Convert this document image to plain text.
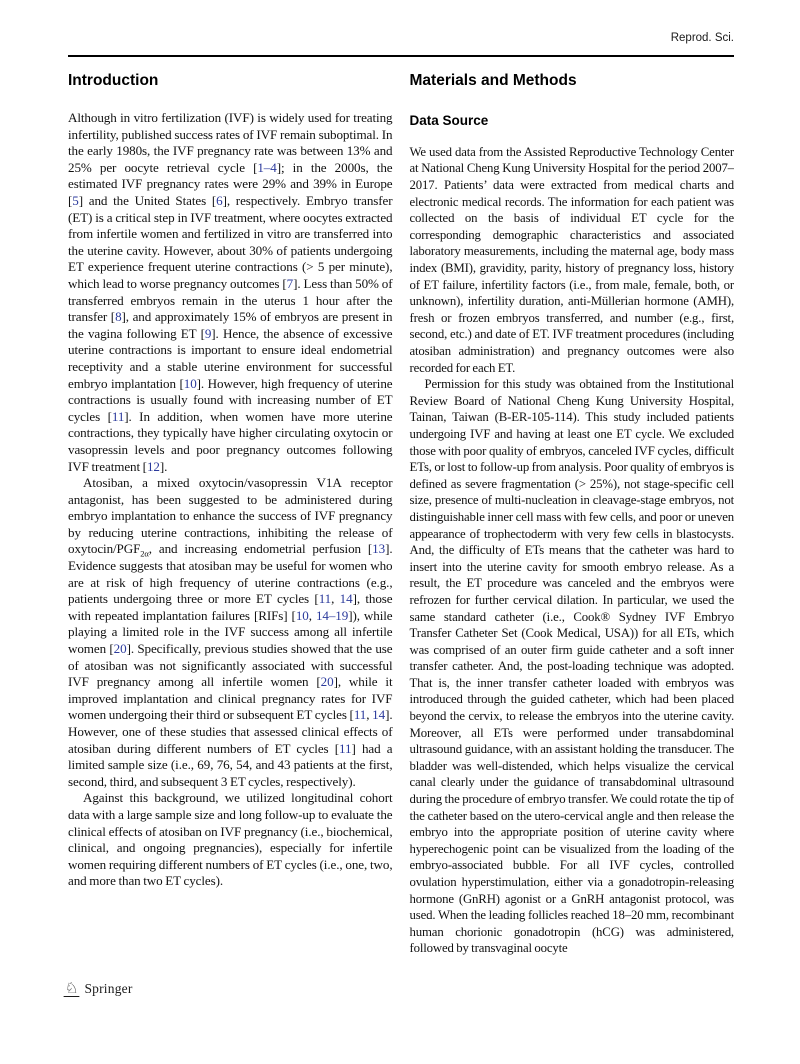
Reprod. Sci.
Introduction

Although in vitro fertilization (IVF) is widely used for treating infertility, published success rates of IVF remain suboptimal. In the early 1980s, the IVF pregnancy rate was between 13% and 25% per oocyte retrieval cycle [1–4]; in the 2000s, the estimated IVF pregnancy rates were 29% and 39% in Europe [5] and the United States [6], respectively. Embryo transfer (ET) is a critical step in IVF treatment, where oocytes extracted from infertile women and fertilized in vitro are transferred into the uterine cavity. However, about 30% of patients undergoing ET experience frequent uterine contractions (> 5 per minute), which lead to worse pregnancy outcomes [7]. Less than 50% of transferred embryos remain in the uterus 1 hour after the transfer [8], and approximately 15% of embryos are present in the vagina following ET [9]. Hence, the absence of excessive uterine contractions is important to ensure ideal endometrial receptivity and a stable uterine environment for successful embryo implantation [10]. However, high frequency of uterine contractions is usually found with increasing number of ET cycles [11]. In addition, when women have more uterine contractions, they typically have higher circulating oxytocin or vasopressin levels and poor pregnancy outcomes following IVF treatment [12].

Atosiban, a mixed oxytocin/vasopressin V1A receptor antagonist, has been suggested to be administered during embryo implantation to enhance the success of IVF pregnancy by reducing uterine contractions, inhibiting the release of oxytocin/$PGF_{2\alpha}$, and increasing endometrial perfusion [13]. Evidence suggests that atosiban may be useful for women who are at risk of high frequency of uterine contractions (e.g., patients undergoing three or more ET cycles [11, 14], those with repeated implantation failures [RIFs] [10, 14–19]), while playing a limited role in the IVF success among all infertile women [20]. Specifically, previous studies showed that the use of atosiban was not significantly associated with successful IVF pregnancy among all infertile women [20], while it improved implantation and clinical pregnancy rates for IVF women undergoing their third or subsequent ET cycles [11, 14]. However, one of these studies that assessed clinical effects of atosiban during different numbers of ET cycles [11] had a limited sample size (i.e., 69, 76, 54, and 43 patients at the first, second, third, and subsequent 3 ET cycles, respectively).

Against this background, we utilized longitudinal cohort data with a large sample size and long follow-up to evaluate the clinical effects of atosiban on IVF pregnancy (i.e., biochemical, clinical, and ongoing pregnancies), especially for infertile women requiring different numbers of ET cycles (i.e., one, two, and more than two ET cycles).

Materials and Methods
Data Source

We used data from the Assisted Reproductive Technology Center at National Cheng Kung University Hospital for the period 2007–2017. Patients’ data were extracted from medical charts and electronic medical records. The information for each patient was collected on the basis of individual ET cycle for the corresponding demographic characteristics and associated laboratory measurements, including the maternal age, body mass index (BMI), gravidity, parity, history of pregnancy loss, history of ET failure, infertility factors (i.e., from male, female, both, or unknown), infertility duration, anti-Müllerian hormone (AMH), fresh or frozen embryos transferred, and number (e.g., first, second, etc.) and date of ET. IVF treatment procedures (including atosiban administration) and pregnancy outcomes were also recorded for each ET.

Permission for this study was obtained from the Institutional Review Board of National Cheng Kung University Hospital, Tainan, Taiwan (B-ER-105-114). This study included patients undergoing IVF and having at least one ET cycle. We excluded those with poor quality of embryos, canceled IVF cycles, difficult ETs, or lost to follow-up from analysis. Poor quality of embryos is defined as severe fragmentation (> 25%), not stage-specific cell size, presence of multi-nucleation in cleavage-stage embryos, not distinguishable inner cell mass with few cells, and poor or uneven appearance of trophectoderm with very few cells in blastocysts. And, the difficulty of ETs means that the catheter was hard to insert into the uterine cavity for smooth embryo release. As a result, the ET procedure was canceled and the embryos were refrozen for further cervical dilation. In particular, we used the same standard catheter (i.e., Cook® Sydney IVF Embryo Transfer Catheter Set (Cook Medical, USA)) for all ETs, which was comprised of an outer firm guide catheter and a soft inner transfer catheter. And, the post-loading technique was adopted. That is, the inner transfer catheter loaded with embryos was introduced through the guided catheter, which had been placed beyond the cervix, to release the embryos into the uterine cavity. Moreover, all ETs were performed under transabdominal ultrasound guidance, with an assistant holding the transducer. The bladder was well-distended, which helps visualize the cervical canal clearly under the guidance of transabdominal ultrasound during the procedure of embryo transfer. We could rotate the tip of the catheter based on the utero-cervical angle and then release the embryo into the appropriate position of uterine cavity where hyperechogenic point can be visualized from the loading of the embryo-associated bubble. For all IVF cycles, controlled ovulation hyperstimulation, either via a gonadotropin-releasing hormone (GnRH) agonist or a GnRH antagonist protocol, was used. When the leading follicles reached 18–20 mm, recombinant human chorionic gonadotropin (hCG) was administered, followed by transvaginal oocyte

♘ Springer
